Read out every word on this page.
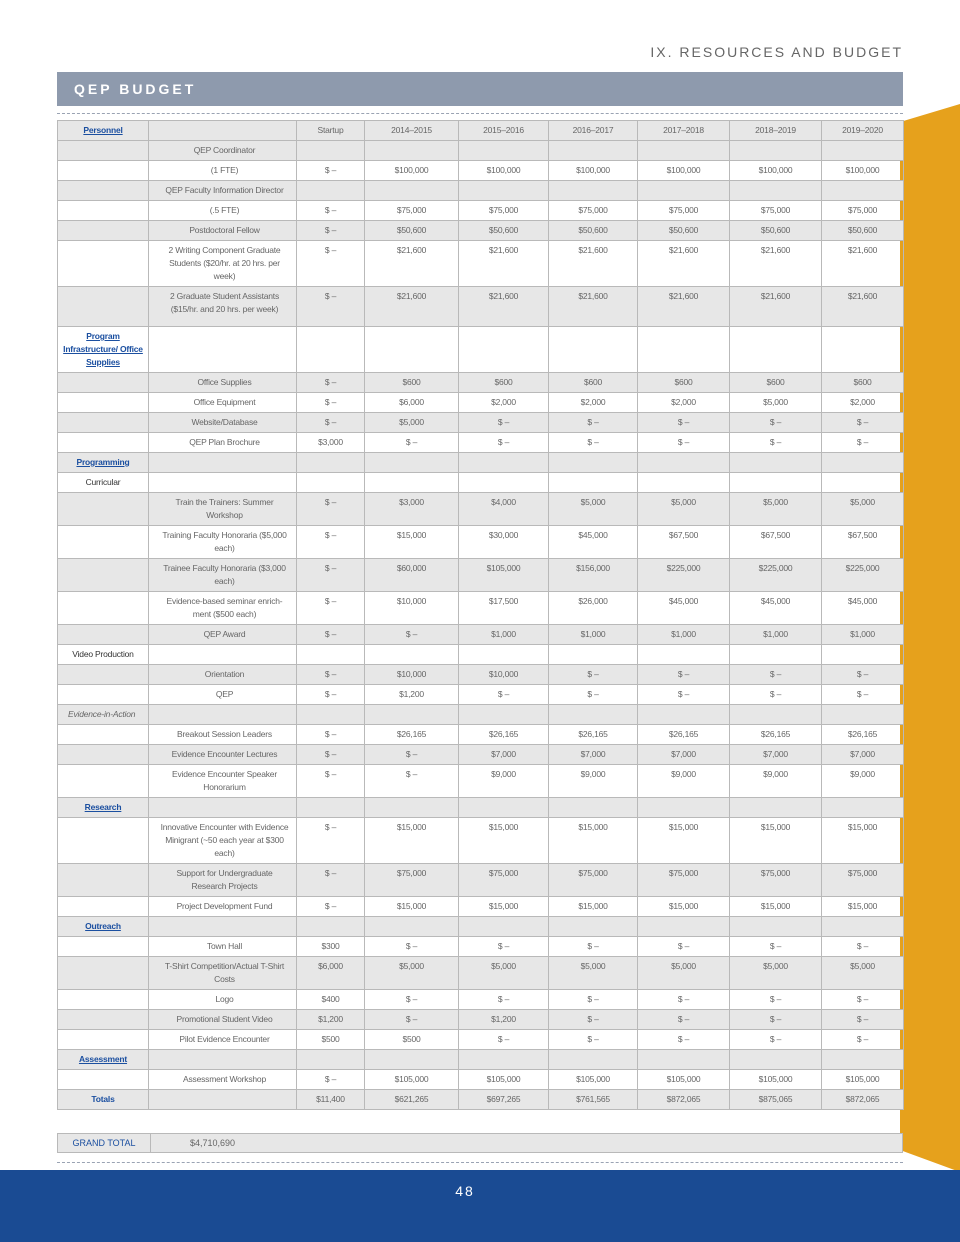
IX. RESOURCES AND BUDGET
QEP BUDGET
Personnel		Startup	2014–2015	2015–2016	2016–2017	2017–2018	2018–2019	2019–2020
	QEP Coordinator							
	(1 FTE)	$ –	$100,000	$100,000	$100,000	$100,000	$100,000	$100,000
	QEP Faculty Information Director							
	(.5 FTE)	$ –	$75,000	$75,000	$75,000	$75,000	$75,000	$75,000
	Postdoctoral Fellow	$ –	$50,600	$50,600	$50,600	$50,600	$50,600	$50,600
	2 Writing Component Graduate Students ($20/hr. at 20 hrs. per week)	$ –	$21,600	$21,600	$21,600	$21,600	$21,600	$21,600
	2 Graduate Student Assistants ($15/hr. and 20 hrs. per week)	$ –	$21,600	$21,600	$21,600	$21,600	$21,600	$21,600
Program Infrastructure/ Office Supplies								
	Office Supplies	$ –	$600	$600	$600	$600	$600	$600
	Office Equipment	$ –	$6,000	$2,000	$2,000	$2,000	$5,000	$2,000
	Website/Database	$ –	$5,000	$ –	$ –	$ –	$ –	$ –
	QEP Plan Brochure	$3,000	$ –	$ –	$ –	$ –	$ –	$ –
Programming								
Curricular								
	Train the Trainers: Summer Workshop	$ –	$3,000	$4,000	$5,000	$5,000	$5,000	$5,000
	Training Faculty Honoraria ($5,000 each)	$ –	$15,000	$30,000	$45,000	$67,500	$67,500	$67,500
	Trainee Faculty Honoraria ($3,000 each)	$ –	$60,000	$105,000	$156,000	$225,000	$225,000	$225,000
	Evidence-based seminar enrich-ment ($500 each)	$ –	$10,000	$17,500	$26,000	$45,000	$45,000	$45,000
	QEP Award	$ –	$ –	$1,000	$1,000	$1,000	$1,000	$1,000
Video Production								
	Orientation	$ –	$10,000	$10,000	$ –	$ –	$ –	$ –
	QEP	$ –	$1,200	$ –	$ –	$ –	$ –	$ –
Evidence-in-Action								
	Breakout Session Leaders	$ –	$26,165	$26,165	$26,165	$26,165	$26,165	$26,165
	Evidence Encounter Lectures	$ –	$ –	$7,000	$7,000	$7,000	$7,000	$7,000
	Evidence Encounter Speaker Honorarium	$ –	$ –	$9,000	$9,000	$9,000	$9,000	$9,000
Research								
	Innovative Encounter with Evidence Minigrant (~50 each year at $300 each)	$ –	$15,000	$15,000	$15,000	$15,000	$15,000	$15,000
	Support for Undergraduate Research Projects	$ –	$75,000	$75,000	$75,000	$75,000	$75,000	$75,000
	Project Development Fund	$ –	$15,000	$15,000	$15,000	$15,000	$15,000	$15,000
Outreach								
	Town Hall	$300	$ –	$ –	$ –	$ –	$ –	$ –
	T-Shirt Competition/Actual T-Shirt Costs	$6,000	$5,000	$5,000	$5,000	$5,000	$5,000	$5,000
	Logo	$400	$ –	$ –	$ –	$ –	$ –	$ –
	Promotional Student Video	$1,200	$ –	$1,200	$ –	$ –	$ –	$ –
	Pilot Evidence Encounter	$500	$500	$ –	$ –	$ –	$ –	$ –
Assessment								
	Assessment Workshop	$ –	$105,000	$105,000	$105,000	$105,000	$105,000	$105,000
Totals		$11,400	$621,265	$697,265	$761,565	$872,065	$875,065	$872,065
GRAND TOTAL	$4,710,690
48
